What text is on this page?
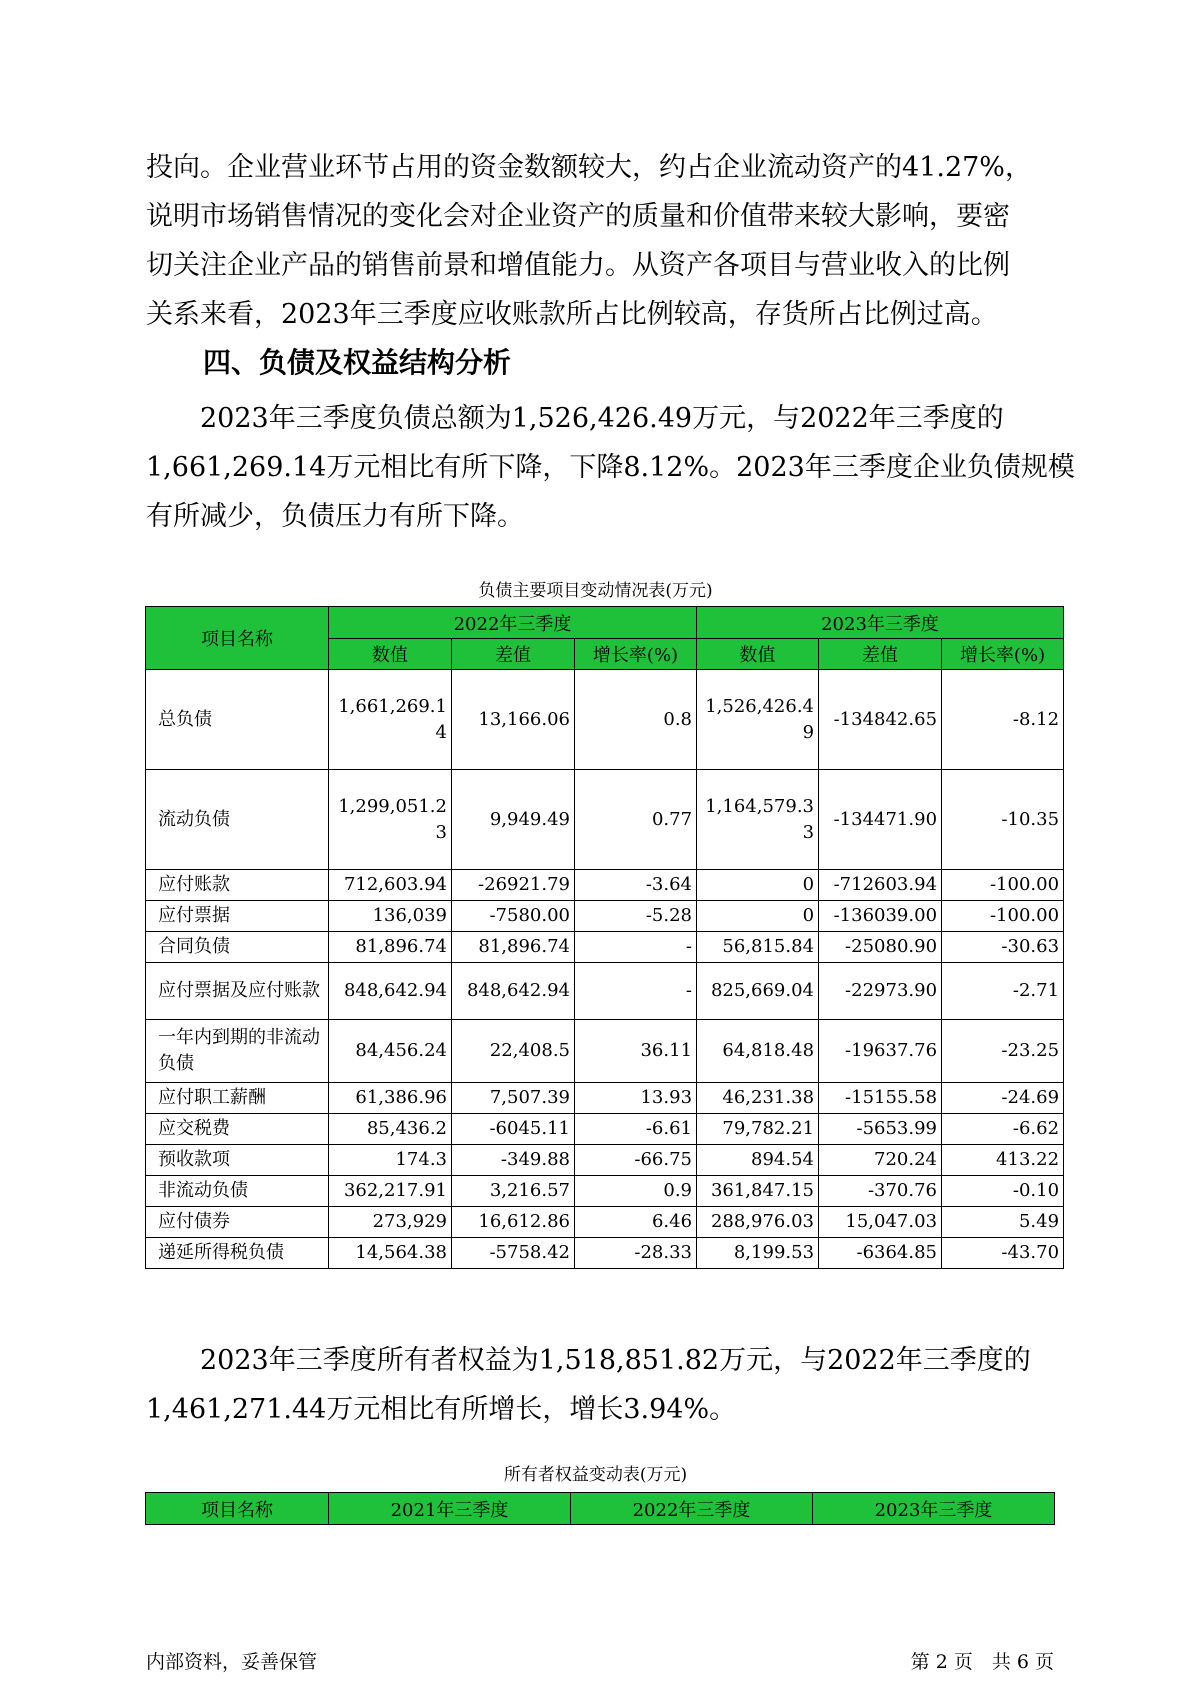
投向。企业营业环节占用的资金数额较大，约占企业流动资产的41.27%，
说明市场销售情况的变化会对企业资产的质量和价值带来较大影响，要密
切关注企业产品的销售前景和增值能力。从资产各项目与营业收入的比例
关系来看，2023年三季度应收账款所占比例较高，存货所占比例过高。
四、负债及权益结构分析
2023年三季度负债总额为1,526,426.49万元，与2022年三季度的
1,661,269.14万元相比有所下降，下降8.12%。2023年三季度企业负债规模
有所减少，负债压力有所下降。

负债主要项目变动情况表(万元)

项目名称	2022年三季度			2023年三季度		
	数值	差值	增长率(%)	数值	差值	增长率(%)
总负债	1,661,269.14	13,166.06	0.8	1,526,426.49	-134842.65	-8.12
流动负债	1,299,051.23	9,949.49	0.77	1,164,579.33	-134471.90	-10.35
应付账款	712,603.94	-26921.79	-3.64	0	-712603.94	-100.00
应付票据	136,039	-7580.00	-5.28	0	-136039.00	-100.00
合同负债	81,896.74	81,896.74	-	56,815.84	-25080.90	-30.63
应付票据及应付账款	848,642.94	848,642.94	-	825,669.04	-22973.90	-2.71
一年内到期的非流动负债	84,456.24	22,408.5	36.11	64,818.48	-19637.76	-23.25
应付职工薪酬	61,386.96	7,507.39	13.93	46,231.38	-15155.58	-24.69
应交税费	85,436.2	-6045.11	-6.61	79,782.21	-5653.99	-6.62
预收款项	174.3	-349.88	-66.75	894.54	720.24	413.22
非流动负债	362,217.91	3,216.57	0.9	361,847.15	-370.76	-0.10
应付债券	273,929	16,612.86	6.46	288,976.03	15,047.03	5.49
递延所得税负债	14,564.38	-5758.42	-28.33	8,199.53	-6364.85	-43.70
2023年三季度所有者权益为1,518,851.82万元，与2022年三季度的
1,461,271.44万元相比有所增长，增长3.94%。

所有者权益变动表(万元)

项目名称	2021年三季度	2022年三季度	2023年三季度

内部资料，妥善保管	第 2 页　共 6 页
